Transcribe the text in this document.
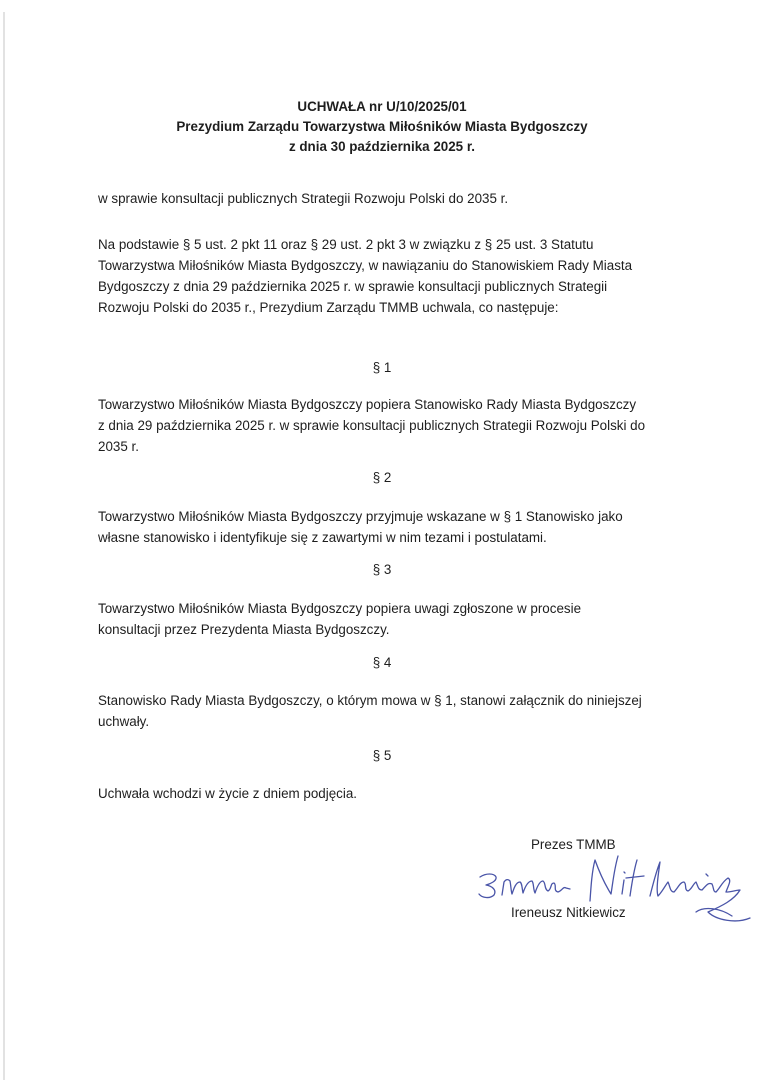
UCHWAŁA nr U/10/2025/01
Prezydium Zarządu Towarzystwa Miłośników Miasta Bydgoszczy
z dnia 30 października 2025 r.
w sprawie konsultacji publicznych Strategii Rozwoju Polski do 2035 r.
Na podstawie § 5 ust. 2 pkt 11 oraz § 29 ust. 2 pkt 3 w związku z § 25 ust. 3 Statutu
Towarzystwa Miłośników Miasta Bydgoszczy, w nawiązaniu do Stanowiskiem Rady Miasta
Bydgoszczy z dnia 29 października 2025 r. w sprawie konsultacji publicznych Strategii
Rozwoju Polski do 2035 r., Prezydium Zarządu TMMB uchwala, co następuje:
§ 1
Towarzystwo Miłośników Miasta Bydgoszczy popiera Stanowisko Rady Miasta Bydgoszczy
z dnia 29 października 2025 r. w sprawie konsultacji publicznych Strategii Rozwoju Polski do
2035 r.
§ 2
Towarzystwo Miłośników Miasta Bydgoszczy przyjmuje wskazane w § 1 Stanowisko jako
własne stanowisko i identyfikuje się z zawartymi w nim tezami i postulatami.
§ 3
Towarzystwo Miłośników Miasta Bydgoszczy popiera uwagi zgłoszone w procesie
konsultacji przez Prezydenta Miasta Bydgoszczy.
§ 4
Stanowisko Rady Miasta Bydgoszczy, o którym mowa w § 1, stanowi załącznik do niniejszej
uchwały.
§ 5
Uchwała wchodzi w życie z dniem podjęcia.
Prezes TMMB
Ireneusz Nitkiewicz
